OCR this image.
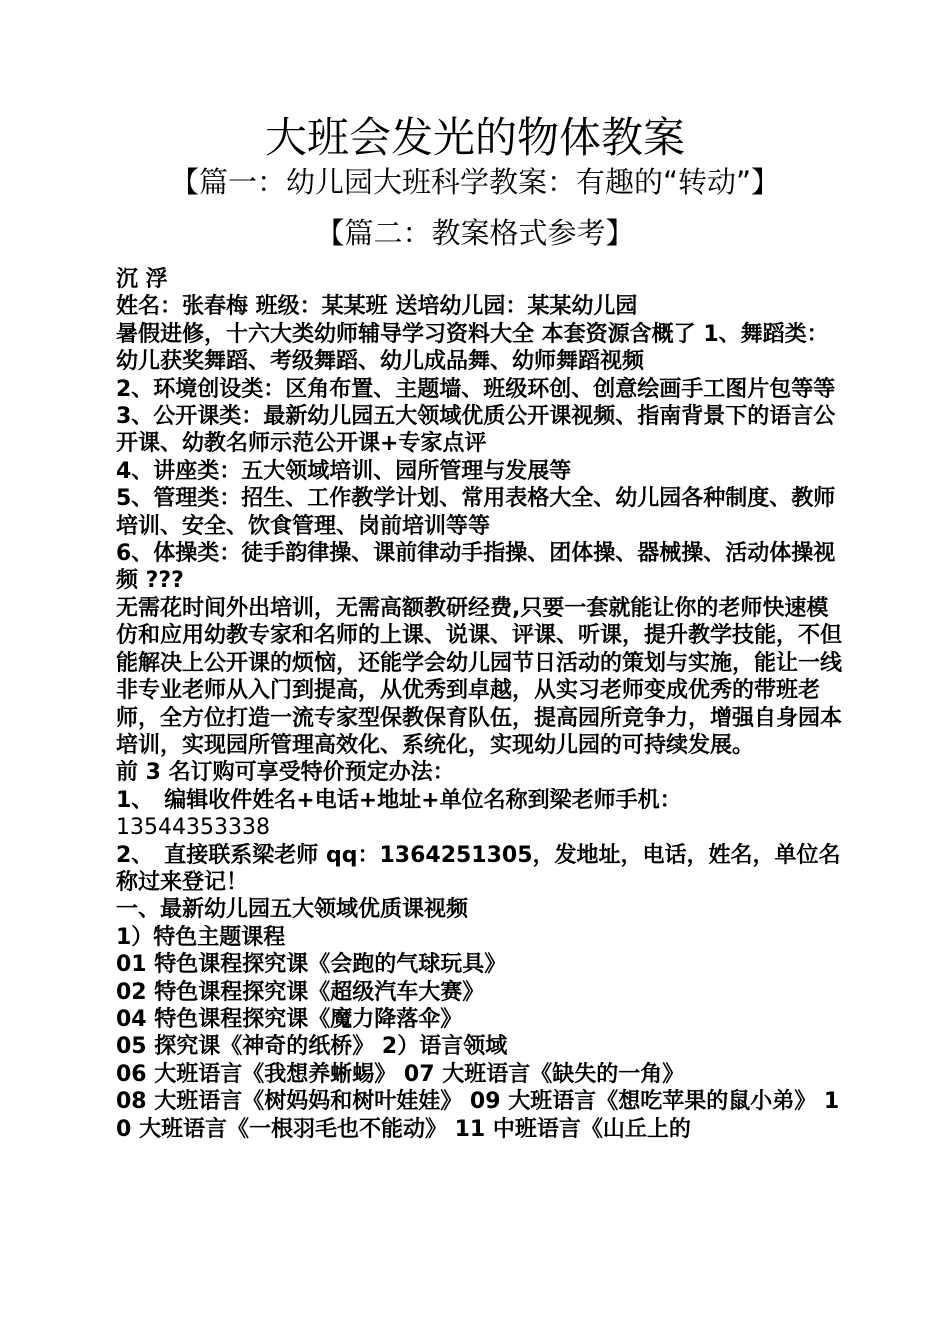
大班会发光的物体教案
【篇一：幼儿园大班科学教案：有趣的“转动”】
【篇二：教案格式参考】

沉 浮

姓名：张春梅 班级：某某班 送培幼儿园：某某幼儿园

暑假进修，十六大类幼师辅导学习资料大全 本套资源含概了 1、舞蹈类：幼儿获奖舞蹈、考级舞蹈、幼儿成品舞、幼师舞蹈视频

2、环境创设类：区角布置、主题墙、班级环创、创意绘画手工图片包等等

3、公开课类：最新幼儿园五大领域优质公开课视频、指南背景下的语言公开课、幼教名师示范公开课+专家点评

4、讲座类：五大领域培训、园所管理与发展等

5、管理类：招生、工作教学计划、常用表格大全、幼儿园各种制度、教师培训、安全、饮食管理、岗前培训等等

6、体操类：徒手韵律操、课前律动手指操、团体操、器械操、活动体操视频 ???

无需花时间外出培训，无需高额教研经费,只要一套就能让你的老师快速模仿和应用幼教专家和名师的上课、说课、评课、听课，提升教学技能，不但能解决上公开课的烦恼，还能学会幼儿园节日活动的策划与实施，能让一线非专业老师从入门到提高，从优秀到卓越，从实习老师变成优秀的带班老师，全方位打造一流专家型保教保育队伍，提高园所竞争力，增强自身园本培训，实现园所管理高效化、系统化，实现幼儿园的可持续发展。

前 3 名订购可享受特价预定办法：

1、　编辑收件姓名+电话+地址+单位名称到梁老师手机：

13544353338

2、　直接联系梁老师 qq：1364251305，发地址，电话，姓名，单位名称过来登记！

一、最新幼儿园五大领域优质课视频

1）特色主题课程

01 特色课程探究课《会跑的气球玩具》

02 特色课程探究课《超级汽车大赛》

04 特色课程探究课《魔力降落伞》

05 探究课《神奇的纸桥》 2）语言领域

06 大班语言《我想养蜥蜴》 07 大班语言《缺失的一角》

08 大班语言《树妈妈和树叶娃娃》 09 大班语言《想吃苹果的鼠小弟》 10 大班语言《一根羽毛也不能动》 11 中班语言《山丘上的
